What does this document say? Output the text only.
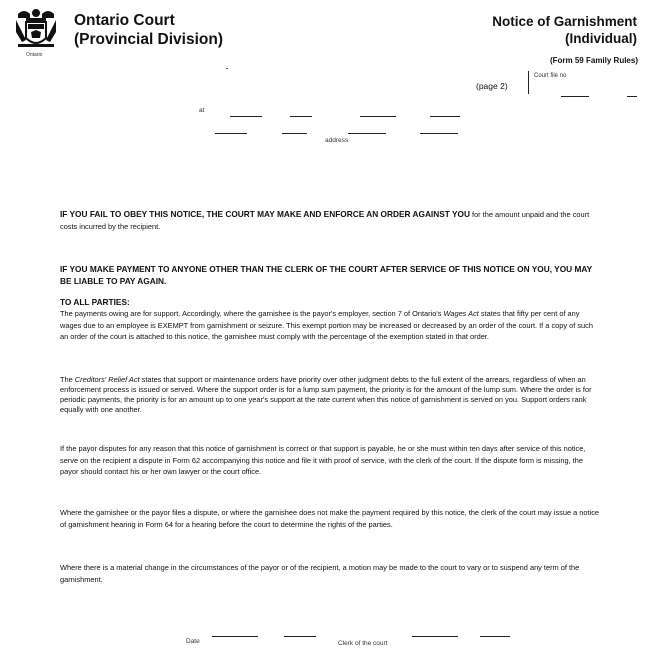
Ontario
Ontario Court
(Provincial Division)
Notice of Garnishment
(Individual)
(Form 59 Family Rules)
(page 2)
Court file no
at
address
IF YOU FAIL TO OBEY THIS NOTICE, THE COURT MAY MAKE AND ENFORCE AN ORDER AGAINST YOU for the amount unpaid and the court costs incurred by the recipient.
IF YOU MAKE PAYMENT TO ANYONE OTHER THAN THE CLERK OF THE COURT AFTER SERVICE OF THIS NOTICE ON YOU, YOU MAY BE LIABLE TO PAY AGAIN.
TO ALL PARTIES:
The payments owing are for support. Accordingly, where the garnishee is the payor's employer, section 7 of Ontario's Wages Act states that fifty per cent of any wages due to an employee is EXEMPT from garnishment or seizure. This exempt portion may be increased or decreased by an order of the court. If a copy of such an order of the court is attached to this notice, the garnishee must comply with the percentage of the exemption stated in that order.
The Creditors' Relief Act states that support or maintenance orders have priority over other judgment debts to the full extent of the arrears, regardless of when an enforcement process is issued or served. Where the support order is for a lump sum payment, the priority is for the amount of the lump sum. Where the order is for periodic payments, the priority is for an amount up to one year's support at the rate current when this notice of garnishment is served on you. Support orders rank equally with one another.
If the payor disputes for any reason that this notice of garnishment is correct or that support is payable, he or she must within ten days after service of this notice, serve on the recipient a dispute in Form 62 accompanying this notice and file it with proof of service, with the clerk of the court. If the dispute form is missing, the payor should contact his or her own lawyer or the court office.
Where the garnishee or the payor files a dispute, or where the garnishee does not make the payment required by this notice, the clerk of the court may issue a notice of garnishment hearing in Form 64 for a hearing before the court to determine the rights of the parties.
Where there is a material change in the circumstances of the payor or of the recipient, a motion may be made to the court to vary or to suspend any term of the garnishment.
Date	Clerk of the court
